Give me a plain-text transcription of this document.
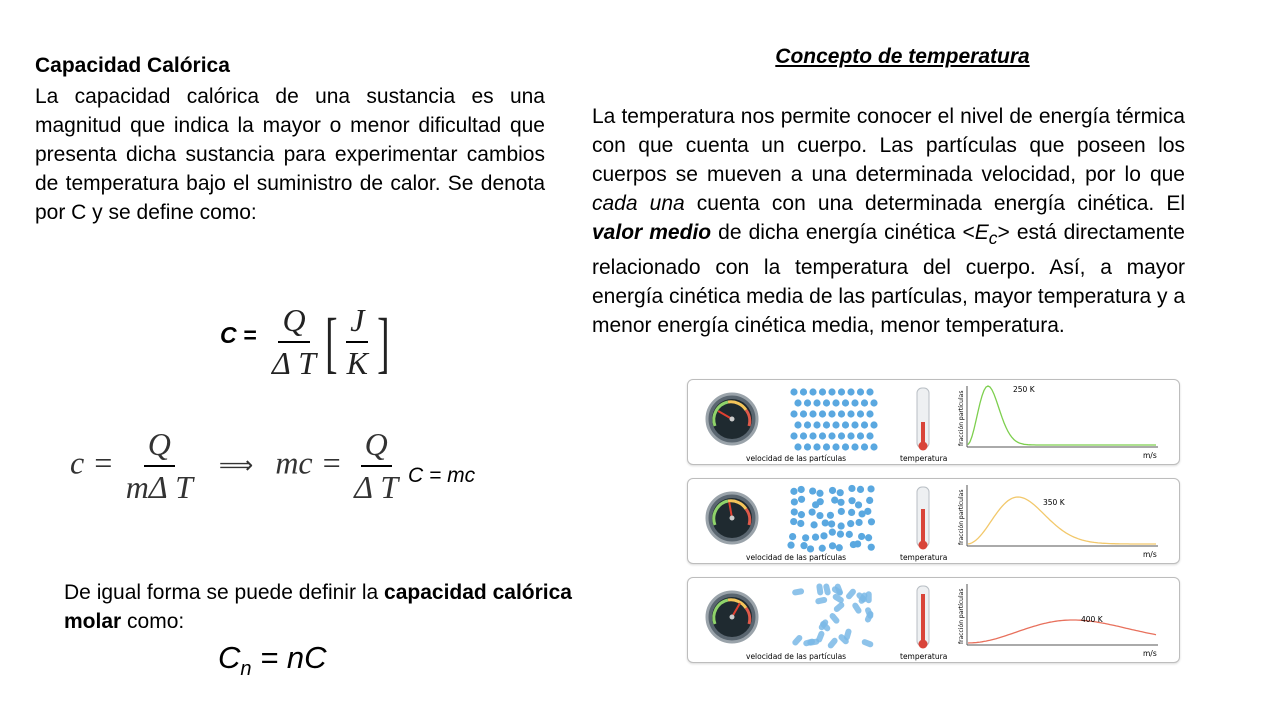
Capacidad Calórica
La capacidad calórica de una sustancia es una magnitud que indica la mayor o menor dificultad que presenta dicha sustancia para experimentar cambios de temperatura bajo el suministro de calor. Se denota por C y se define como:
$C = \frac{Q}{\text{Δ T}}$ [ $\frac{J}{K}$ ]
$c = \frac{Q}{\text{mΔ T}}$ ⟹ mc = $\frac{Q}{\text{Δ T}}$ C = mc
De igual forma se puede definir la capacidad calórica molar como:
$C_n$ = nC
Concepto de temperatura
La temperatura nos permite conocer el nivel de energía térmica con que cuenta un cuerpo. Las partículas que poseen los cuerpos se mueven a una determinada velocidad, por lo que cada una cuenta con una determinada energía cinética. El valor medio de dicha energía cinética $<E_c>$ está directamente relacionado con la temperatura del cuerpo. Así, a mayor energía cinética media de las partículas, mayor temperatura y a menor energía cinética media, menor temperatura.
velocidad de las partículas	temperatura
fracción partículas
m/s
250 K
velocidad de las partículas	temperatura
fracción partículas
m/s
350 K
velocidad de las partículas	temperatura
fracción partículas
m/s
400 K
